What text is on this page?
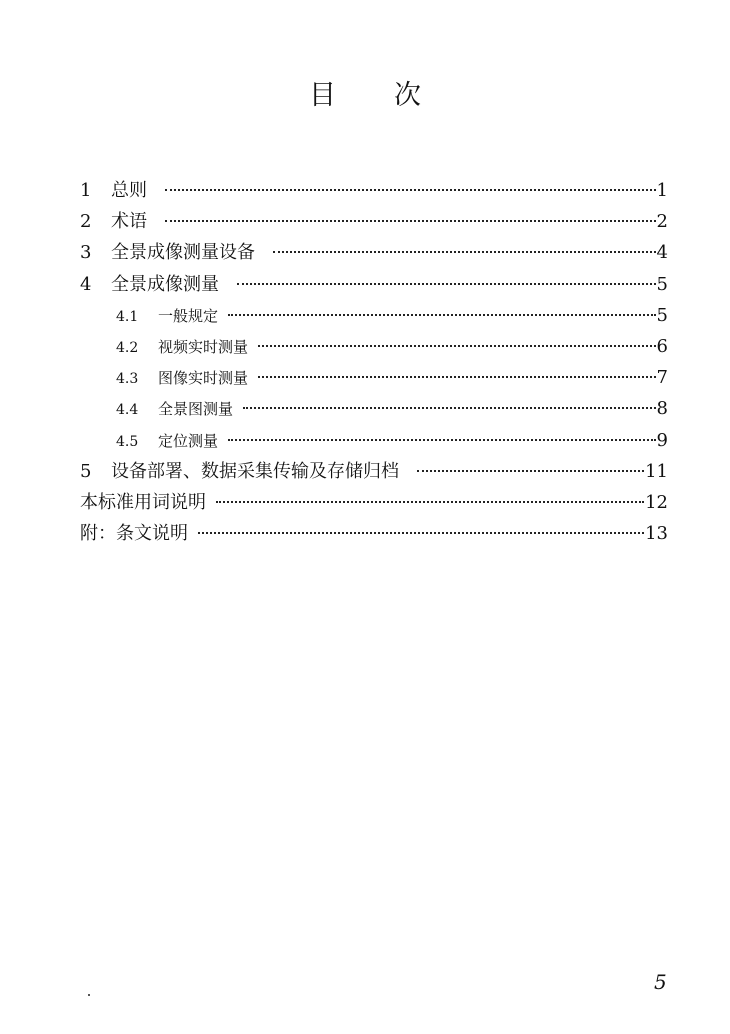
目 次
1	总则	1
2	术语	2
3	全景成像测量设备	4
4	全景成像测量	5
4.1	一般规定	5
4.2	视频实时测量	6
4.3	图像实时测量	7
4.4	全景图测量	8
4.5	定位测量	9
5	设备部署、数据采集传输及存储归档	11
本标准用词说明	12
附：条文说明	13
5
